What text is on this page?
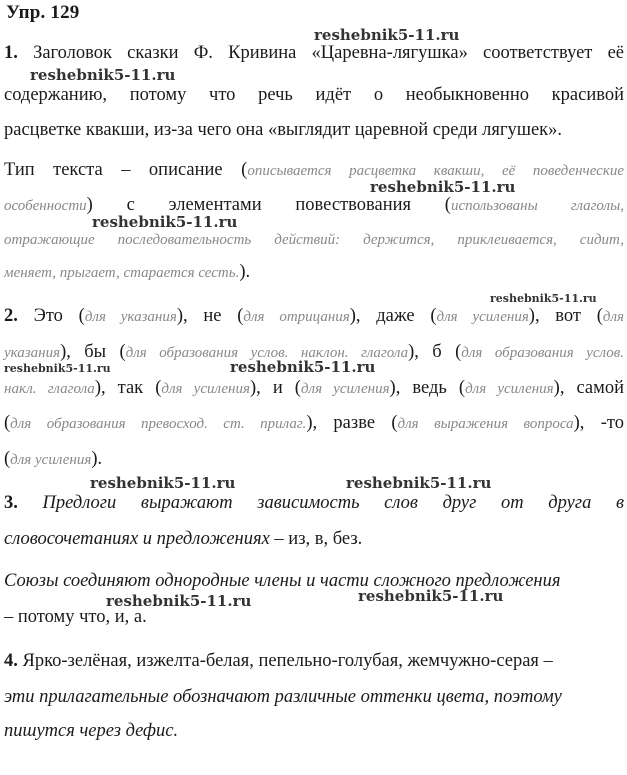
Упр. 129
reshebnik5-11.ru
reshebnik5-11.ru
reshebnik5-11.ru
reshebnik5-11.ru
reshebnik5-11.ru
reshebnik5-11.ru	reshebnik5-11.ru
reshebnik5-11.ru	reshebnik5-11.ru
reshebnik5-11.ru	reshebnik5-11.ru
1. Заголовок сказки Ф. Кривина «Царевна-лягушка» соответствует её
содержанию, потому что речь идёт о необыкновенно красивой
расцветке квакши, из-за чего она «выглядит царевной среди лягушек».
Тип текста – описание (описывается расцветка квакши, её поведенческие
особенности) с элементами повествования (использованы глаголы,
отражающие последовательность действий: держится, приклеивается, сидит,
меняет, прыгает, старается сесть.).
2. Это (для указания), не (для отрицания), даже (для усиления), вот (для
указания), бы (для образования услов. наклон. глагола), б (для образования услов.
накл. глагола), так (для усиления), и (для усиления), ведь (для усиления), самой
(для образования превосход. ст. прилаг.), разве (для выражения вопроса), -то
(для усиления).
3. Предлоги выражают зависимость слов друг от друга в
словосочетаниях и предложениях – из, в, без.
Союзы соединяют однородные члены и части сложного предложения
– потому что, и, а.
4. Ярко-зелёная, изжелта-белая, пепельно-голубая, жемчужно-серая –
эти прилагательные обозначают различные оттенки цвета, поэтому
пишутся через дефис.
